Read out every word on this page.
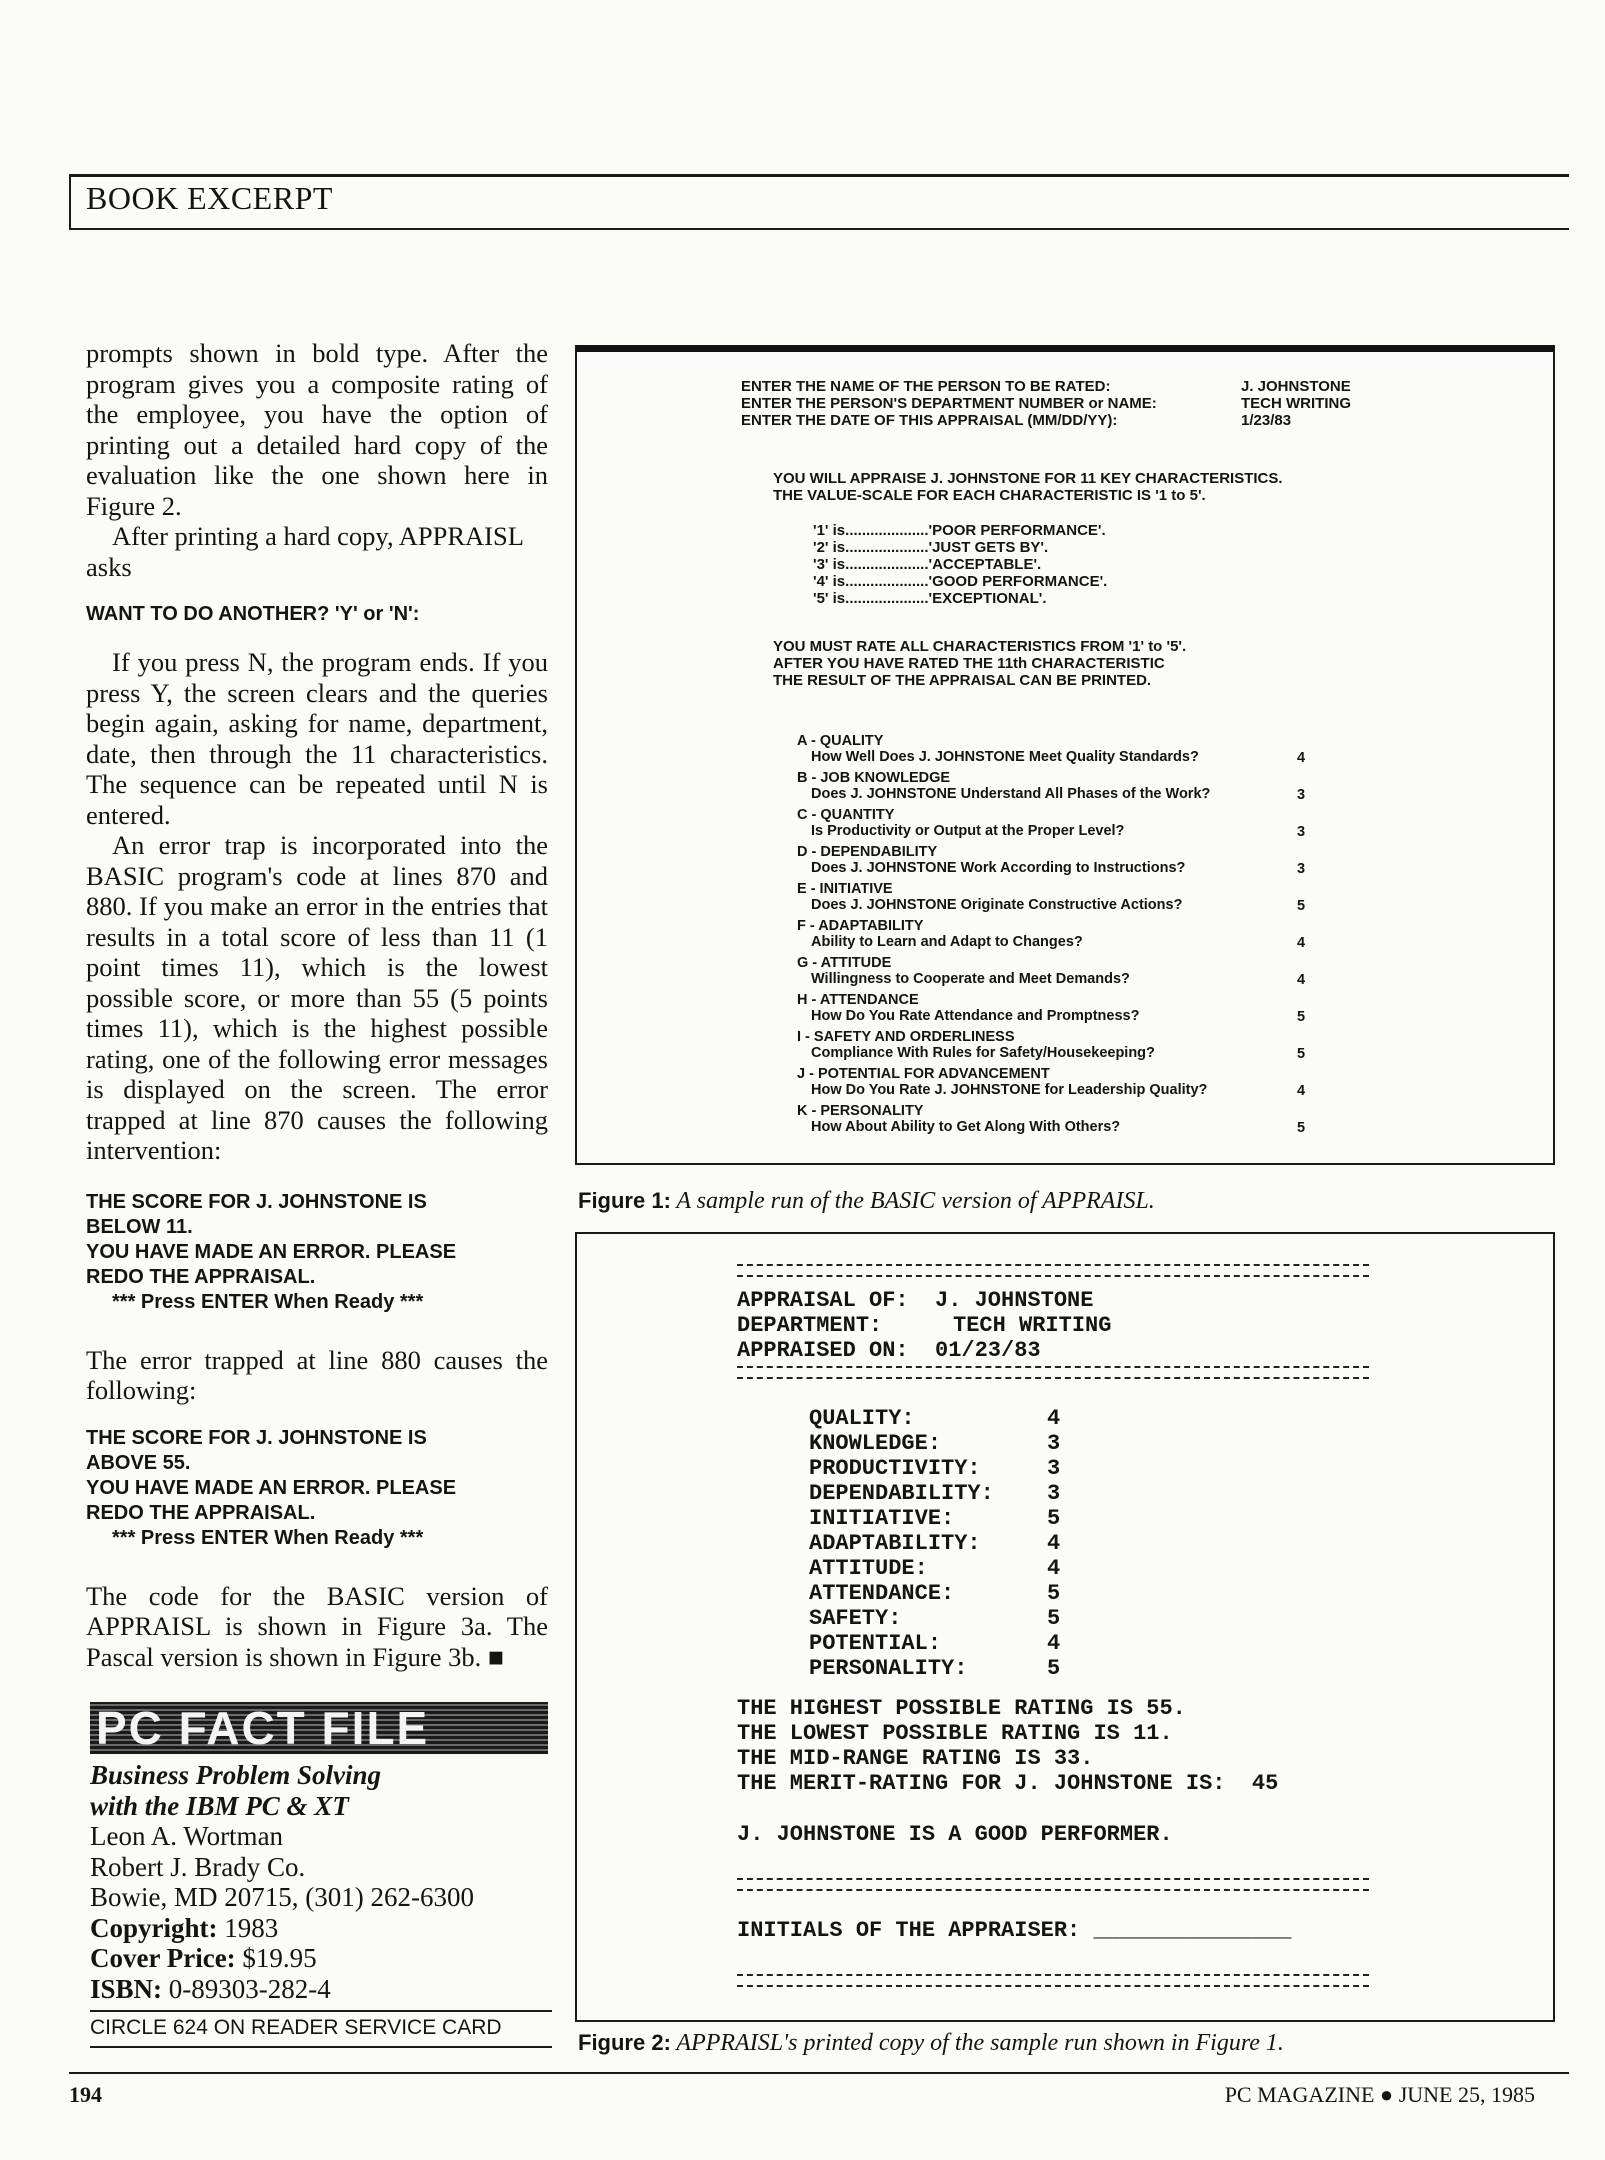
BOOK EXCERPT

prompts shown in bold type. After the program gives you a composite rating of the employee, you have the option of printing out a detailed hard copy of the evaluation like the one shown here in Figure 2.

After printing a hard copy, APPRAISL asks

WANT TO DO ANOTHER? 'Y' or 'N':

If you press N, the program ends. If you press Y, the screen clears and the queries begin again, asking for name, department, date, then through the 11 characteristics. The sequence can be repeated until N is entered.

An error trap is incorporated into the BASIC program's code at lines 870 and 880. If you make an error in the entries that results in a total score of less than 11 (1 point times 11), which is the lowest possible score, or more than 55 (5 points times 11), which is the highest possible rating, one of the following error messages is displayed on the screen. The error trapped at line 870 causes the following intervention:

THE SCORE FOR J. JOHNSTONE IS

BELOW 11.

YOU HAVE MADE AN ERROR. PLEASE

REDO THE APPRAISAL.

*** Press ENTER When Ready ***

The error trapped at line 880 causes the following:

THE SCORE FOR J. JOHNSTONE IS

ABOVE 55.

YOU HAVE MADE AN ERROR. PLEASE

REDO THE APPRAISAL.

*** Press ENTER When Ready ***

The code for the BASIC version of APPRAISL is shown in Figure 3a. The Pascal version is shown in Figure 3b. ■

PC FACT FILE
Business Problem Solving
with the IBM PC & XT
Leon A. Wortman
Robert J. Brady Co.
Bowie, MD 20715, (301) 262-6300
Copyright: 1983
Cover Price: $19.95
ISBN: 0-89303-282-4
CIRCLE 624 ON READER SERVICE CARD
ENTER THE NAME OF THE PERSON TO BE RATED:	J. JOHNSTONE
ENTER THE PERSON'S DEPARTMENT NUMBER or NAME:	TECH WRITING
ENTER THE DATE OF THIS APPRAISAL (MM/DD/YY):	1/23/83
YOU WILL APPRAISE J. JOHNSTONE FOR 11 KEY CHARACTERISTICS.
THE VALUE-SCALE FOR EACH CHARACTERISTIC IS '1 to 5'.
'1' is....................'POOR PERFORMANCE'.
'2' is....................'JUST GETS BY'.
'3' is....................'ACCEPTABLE'.
'4' is....................'GOOD PERFORMANCE'.
'5' is....................'EXCEPTIONAL'.
YOU MUST RATE ALL CHARACTERISTICS FROM '1' to '5'.
AFTER YOU HAVE RATED THE 11th CHARACTERISTIC
THE RESULT OF THE APPRAISAL CAN BE PRINTED.
A - QUALITY
How Well Does J. JOHNSTONE Meet Quality Standards?	4
B - JOB KNOWLEDGE
Does J. JOHNSTONE Understand All Phases of the Work?	3
C - QUANTITY
Is Productivity or Output at the Proper Level?	3
D - DEPENDABILITY
Does J. JOHNSTONE Work According to Instructions?	3
E - INITIATIVE
Does J. JOHNSTONE Originate Constructive Actions?	5
F - ADAPTABILITY
Ability to Learn and Adapt to Changes?	4
G - ATTITUDE
Willingness to Cooperate and Meet Demands?	4
H - ATTENDANCE
How Do You Rate Attendance and Promptness?	5
I - SAFETY AND ORDERLINESS
Compliance With Rules for Safety/Housekeeping?	5
J - POTENTIAL FOR ADVANCEMENT
How Do You Rate J. JOHNSTONE for Leadership Quality?	4
K - PERSONALITY
How About Ability to Get Along With Others?	5
Figure 1: A sample run of the BASIC version of APPRAISL.
APPRAISAL OF: J. JOHNSTONE
DEPARTMENT:	TECH WRITING
APPRAISED ON: 01/23/83
QUALITY:	4
KNOWLEDGE:	3
PRODUCTIVITY:	3
DEPENDABILITY: 3
INITIATIVE:	5
ADAPTABILITY:	4
ATTITUDE:	4
ATTENDANCE:	5
SAFETY:	5
POTENTIAL:	4
PERSONALITY:	5
THE HIGHEST POSSIBLE RATING IS 55.
THE LOWEST POSSIBLE RATING IS 11.
THE MID-RANGE RATING IS 33.
THE MERIT-RATING FOR J. JOHNSTONE IS:  45
J. JOHNSTONE IS A GOOD PERFORMER.
INITIALS OF THE APPRAISER: _______________
Figure 2: APPRAISL's printed copy of the sample run shown in Figure 1.
194	PC MAGAZINE ● JUNE 25, 1985
